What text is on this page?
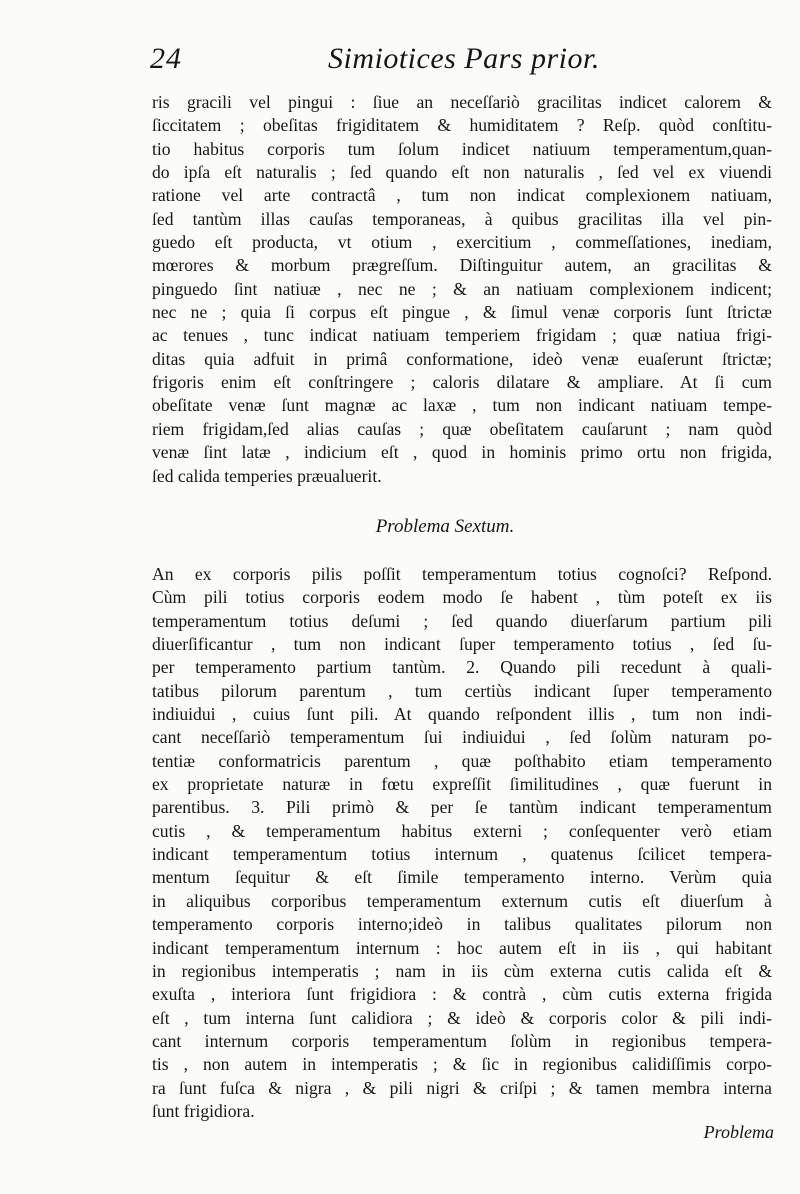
24	Simiotices Pars prior.
ris gracili vel pingui : ſiue an neceſſariò gracilitas indicet calorem &
ſiccitatem ; obeſitas frigiditatem & humiditatem ? Reſp. quòd conſtitu-
tio habitus corporis tum ſolum indicet natiuum temperamentum,quan-
do ipſa eſt naturalis ; ſed quando eſt non naturalis , ſed vel ex viuendi
ratione vel arte contractâ , tum non indicat complexionem natiuam,
ſed tantùm illas cauſas temporaneas, à quibus gracilitas illa vel pin-
guedo eſt producta, vt otium , exercitium , commeſſationes, inediam,
mœrores & morbum prægreſſum. Diſtinguitur autem, an gracilitas &
pinguedo ſint natiuæ , nec ne ; & an natiuam complexionem indicent;
nec ne ; quia ſi corpus eſt pingue , & ſimul venæ corporis ſunt ſtrictæ
ac tenues , tunc indicat natiuam temperiem frigidam ; quæ natiua frigi-
ditas quia adfuit in primâ conformatione, ideò venæ euaſerunt ſtrictæ;
frigoris enim eſt conſtringere ; caloris dilatare & ampliare. At ſi cum
obeſitate venæ ſunt magnæ ac laxæ , tum non indicant natiuam tempe-
riem frigidam,ſed alias cauſas ; quæ obeſitatem cauſarunt ; nam quòd
venæ ſint latæ , indicium eſt , quod in hominis primo ortu non frigida,
ſed calida temperies præualuerit.
Problema Sextum.
An ex corporis pilis poſſit temperamentum totius cognoſci? Reſpond.
Cùm pili totius corporis eodem modo ſe habent , tùm poteſt ex iis
temperamentum totius deſumi ; ſed quando diuerſarum partium pili
diuerſificantur , tum non indicant ſuper temperamento totius , ſed ſu-
per temperamento partium tantùm. 2. Quando pili recedunt à quali-
tatibus pilorum parentum , tum certiùs indicant ſuper temperamento
indiuidui , cuius ſunt pili. At quando reſpondent illis , tum non indi-
cant neceſſariò temperamentum ſui indiuidui , ſed ſolùm naturam po-
tentiæ conformatricis parentum , quæ poſthabito etiam temperamento
ex proprietate naturæ in fœtu expreſſit ſimilitudines , quæ fuerunt in
parentibus. 3. Pili primò & per ſe tantùm indicant temperamentum
cutis , & temperamentum habitus externi ; conſequenter verò etiam
indicant temperamentum totius internum , quatenus ſcilicet tempera-
mentum ſequitur & eſt ſimile temperamento interno. Verùm quia
in aliquibus corporibus temperamentum externum cutis eſt diuerſum à
temperamento corporis interno;ideò in talibus qualitates pilorum non
indicant temperamentum internum : hoc autem eſt in iis , qui habitant
in regionibus intemperatis ; nam in iis cùm externa cutis calida eſt &
exuſta , interiora ſunt frigidiora : & contrà , cùm cutis externa frigida
eſt , tum interna ſunt calidiora ; & ideò & corporis color & pili indi-
cant internum corporis temperamentum ſolùm in regionibus tempera-
tis , non autem in intemperatis ; & ſic in regionibus calidiſſimis corpo-
ra ſunt fuſca & nigra , & pili nigri & criſpi ; & tamen membra interna
ſunt frigidiora.
Problema
